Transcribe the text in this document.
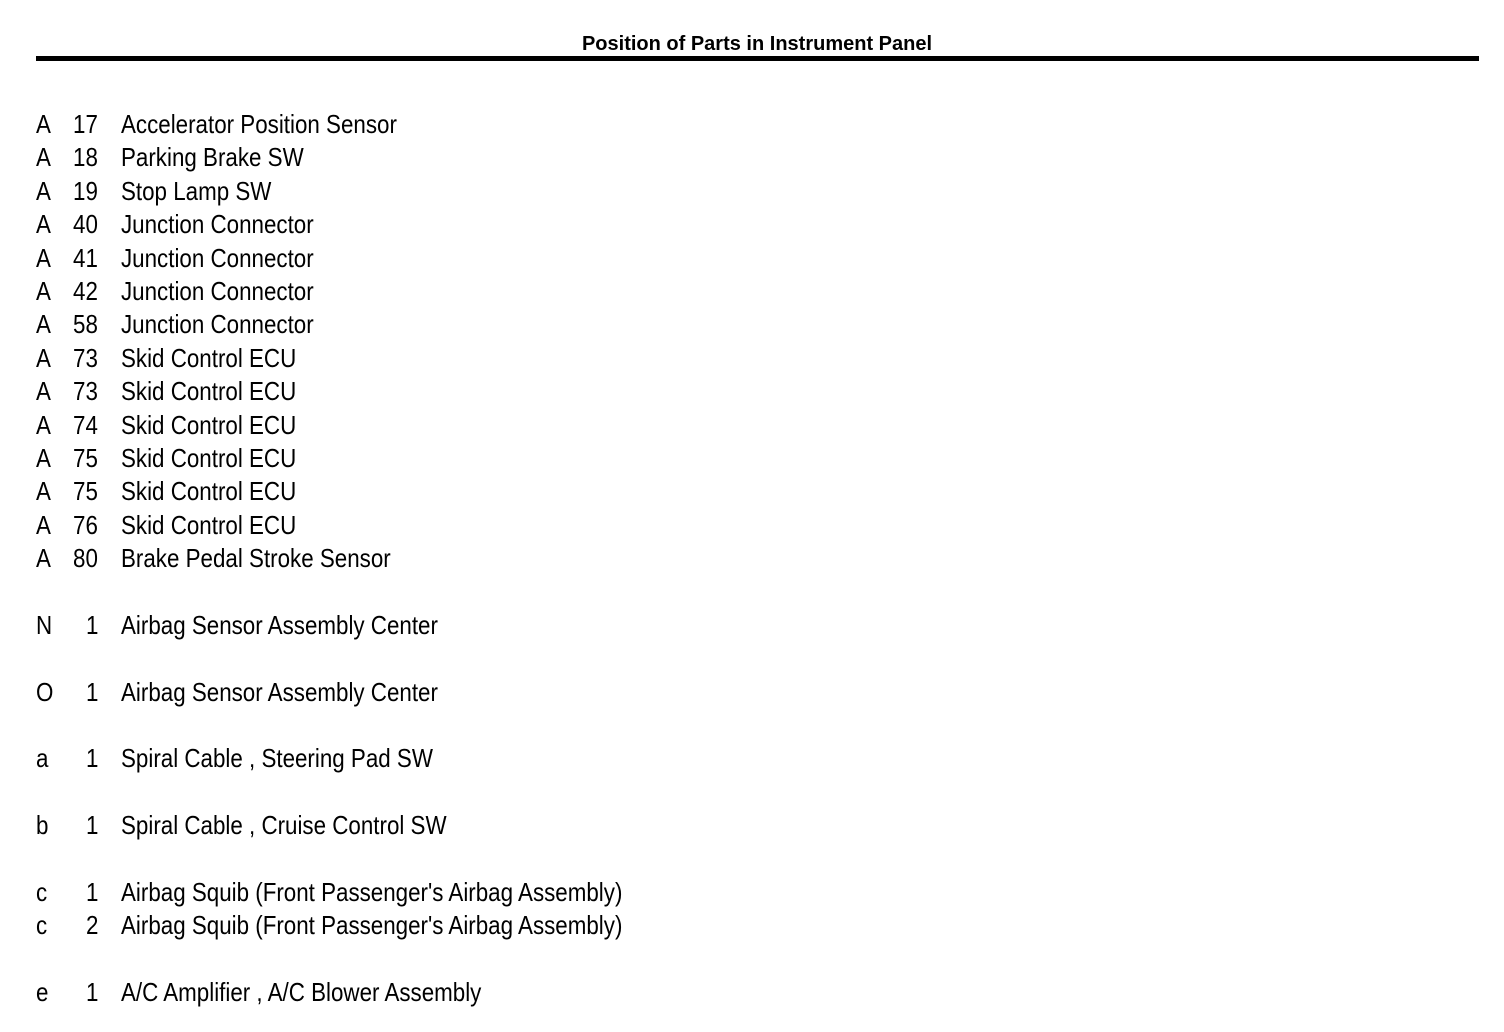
Position of Parts in Instrument Panel
A 17 Accelerator Position Sensor
A 18 Parking Brake SW
A 19 Stop Lamp SW
A 40 Junction Connector
A 41 Junction Connector
A 42 Junction Connector
A 58 Junction Connector
A 73 Skid Control ECU
A 73 Skid Control ECU
A 74 Skid Control ECU
A 75 Skid Control ECU
A 75 Skid Control ECU
A 76 Skid Control ECU
A 80 Brake Pedal Stroke Sensor
N 1 Airbag Sensor Assembly Center
O 1 Airbag Sensor Assembly Center
a 1 Spiral Cable , Steering Pad SW
b 1 Spiral Cable , Cruise Control SW
c 1 Airbag Squib (Front Passenger's Airbag Assembly)
c 2 Airbag Squib (Front Passenger's Airbag Assembly)
e 1 A/C Amplifier , A/C Blower Assembly
